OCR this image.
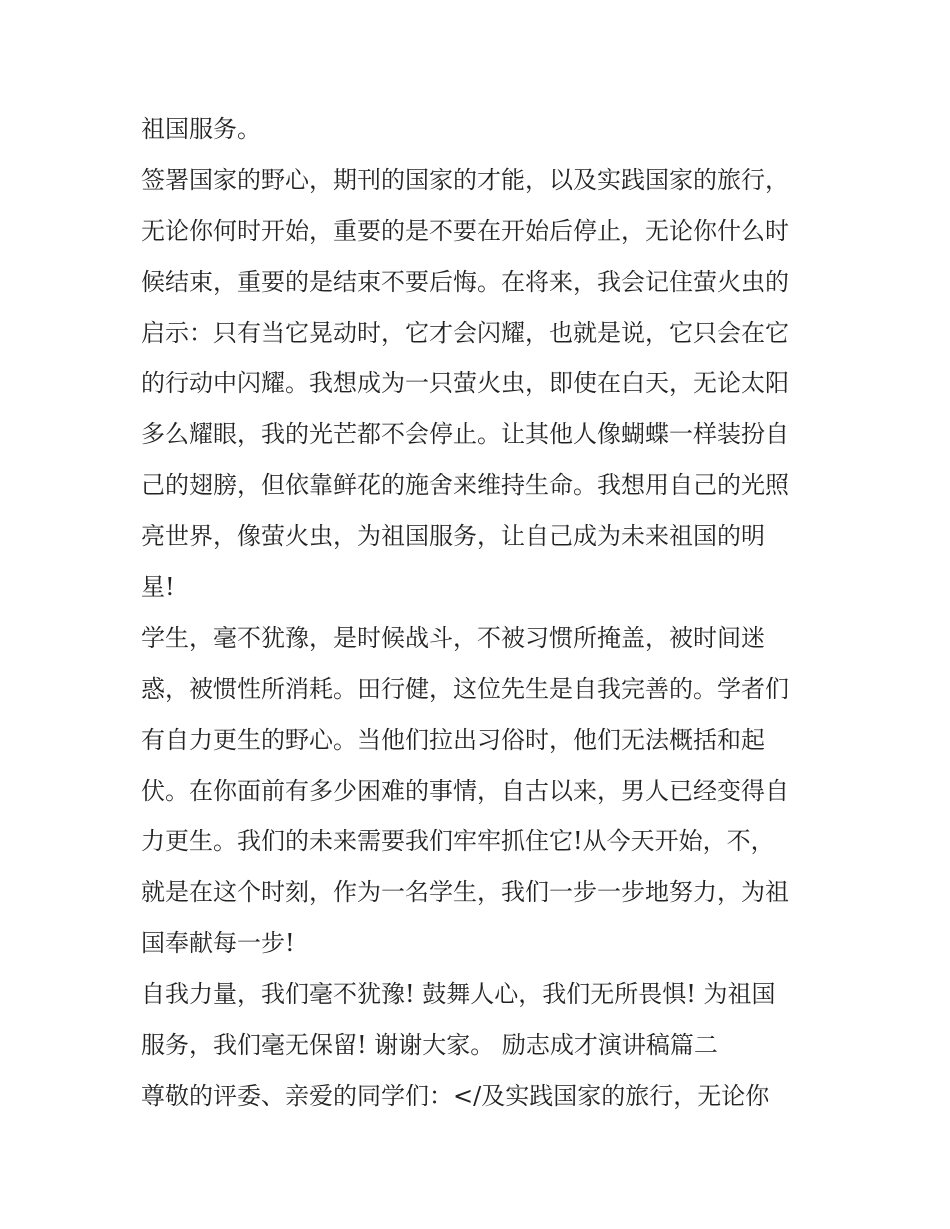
祖国服务。
签署国家的野心，期刊的国家的才能，以及实践国家的旅行，
无论你何时开始，重要的是不要在开始后停止，无论你什么时
候结束，重要的是结束不要后悔。在将来，我会记住萤火虫的
启示：只有当它晃动时，它才会闪耀，也就是说，它只会在它
的行动中闪耀。我想成为一只萤火虫，即使在白天，无论太阳
多么耀眼，我的光芒都不会停止。让其他人像蝴蝶一样装扮自
己的翅膀，但依靠鲜花的施舍来维持生命。我想用自己的光照
亮世界，像萤火虫，为祖国服务，让自己成为未来祖国的明
星!
学生，毫不犹豫，是时候战斗，不被习惯所掩盖，被时间迷
惑，被惯性所消耗。田行健，这位先生是自我完善的。学者们
有自力更生的野心。当他们拉出习俗时，他们无法概括和起
伏。在你面前有多少困难的事情，自古以来，男人已经变得自
力更生。我们的未来需要我们牢牢抓住它!从今天开始，不，
就是在这个时刻，作为一名学生，我们一步一步地努力，为祖
国奉献每一步!
自我力量，我们毫不犹豫! 鼓舞人心，我们无所畏惧! 为祖国
服务，我们毫无保留! 谢谢大家。 励志成才演讲稿篇二
尊敬的评委、亲爱的同学们：</及实践国家的旅行，无论你
